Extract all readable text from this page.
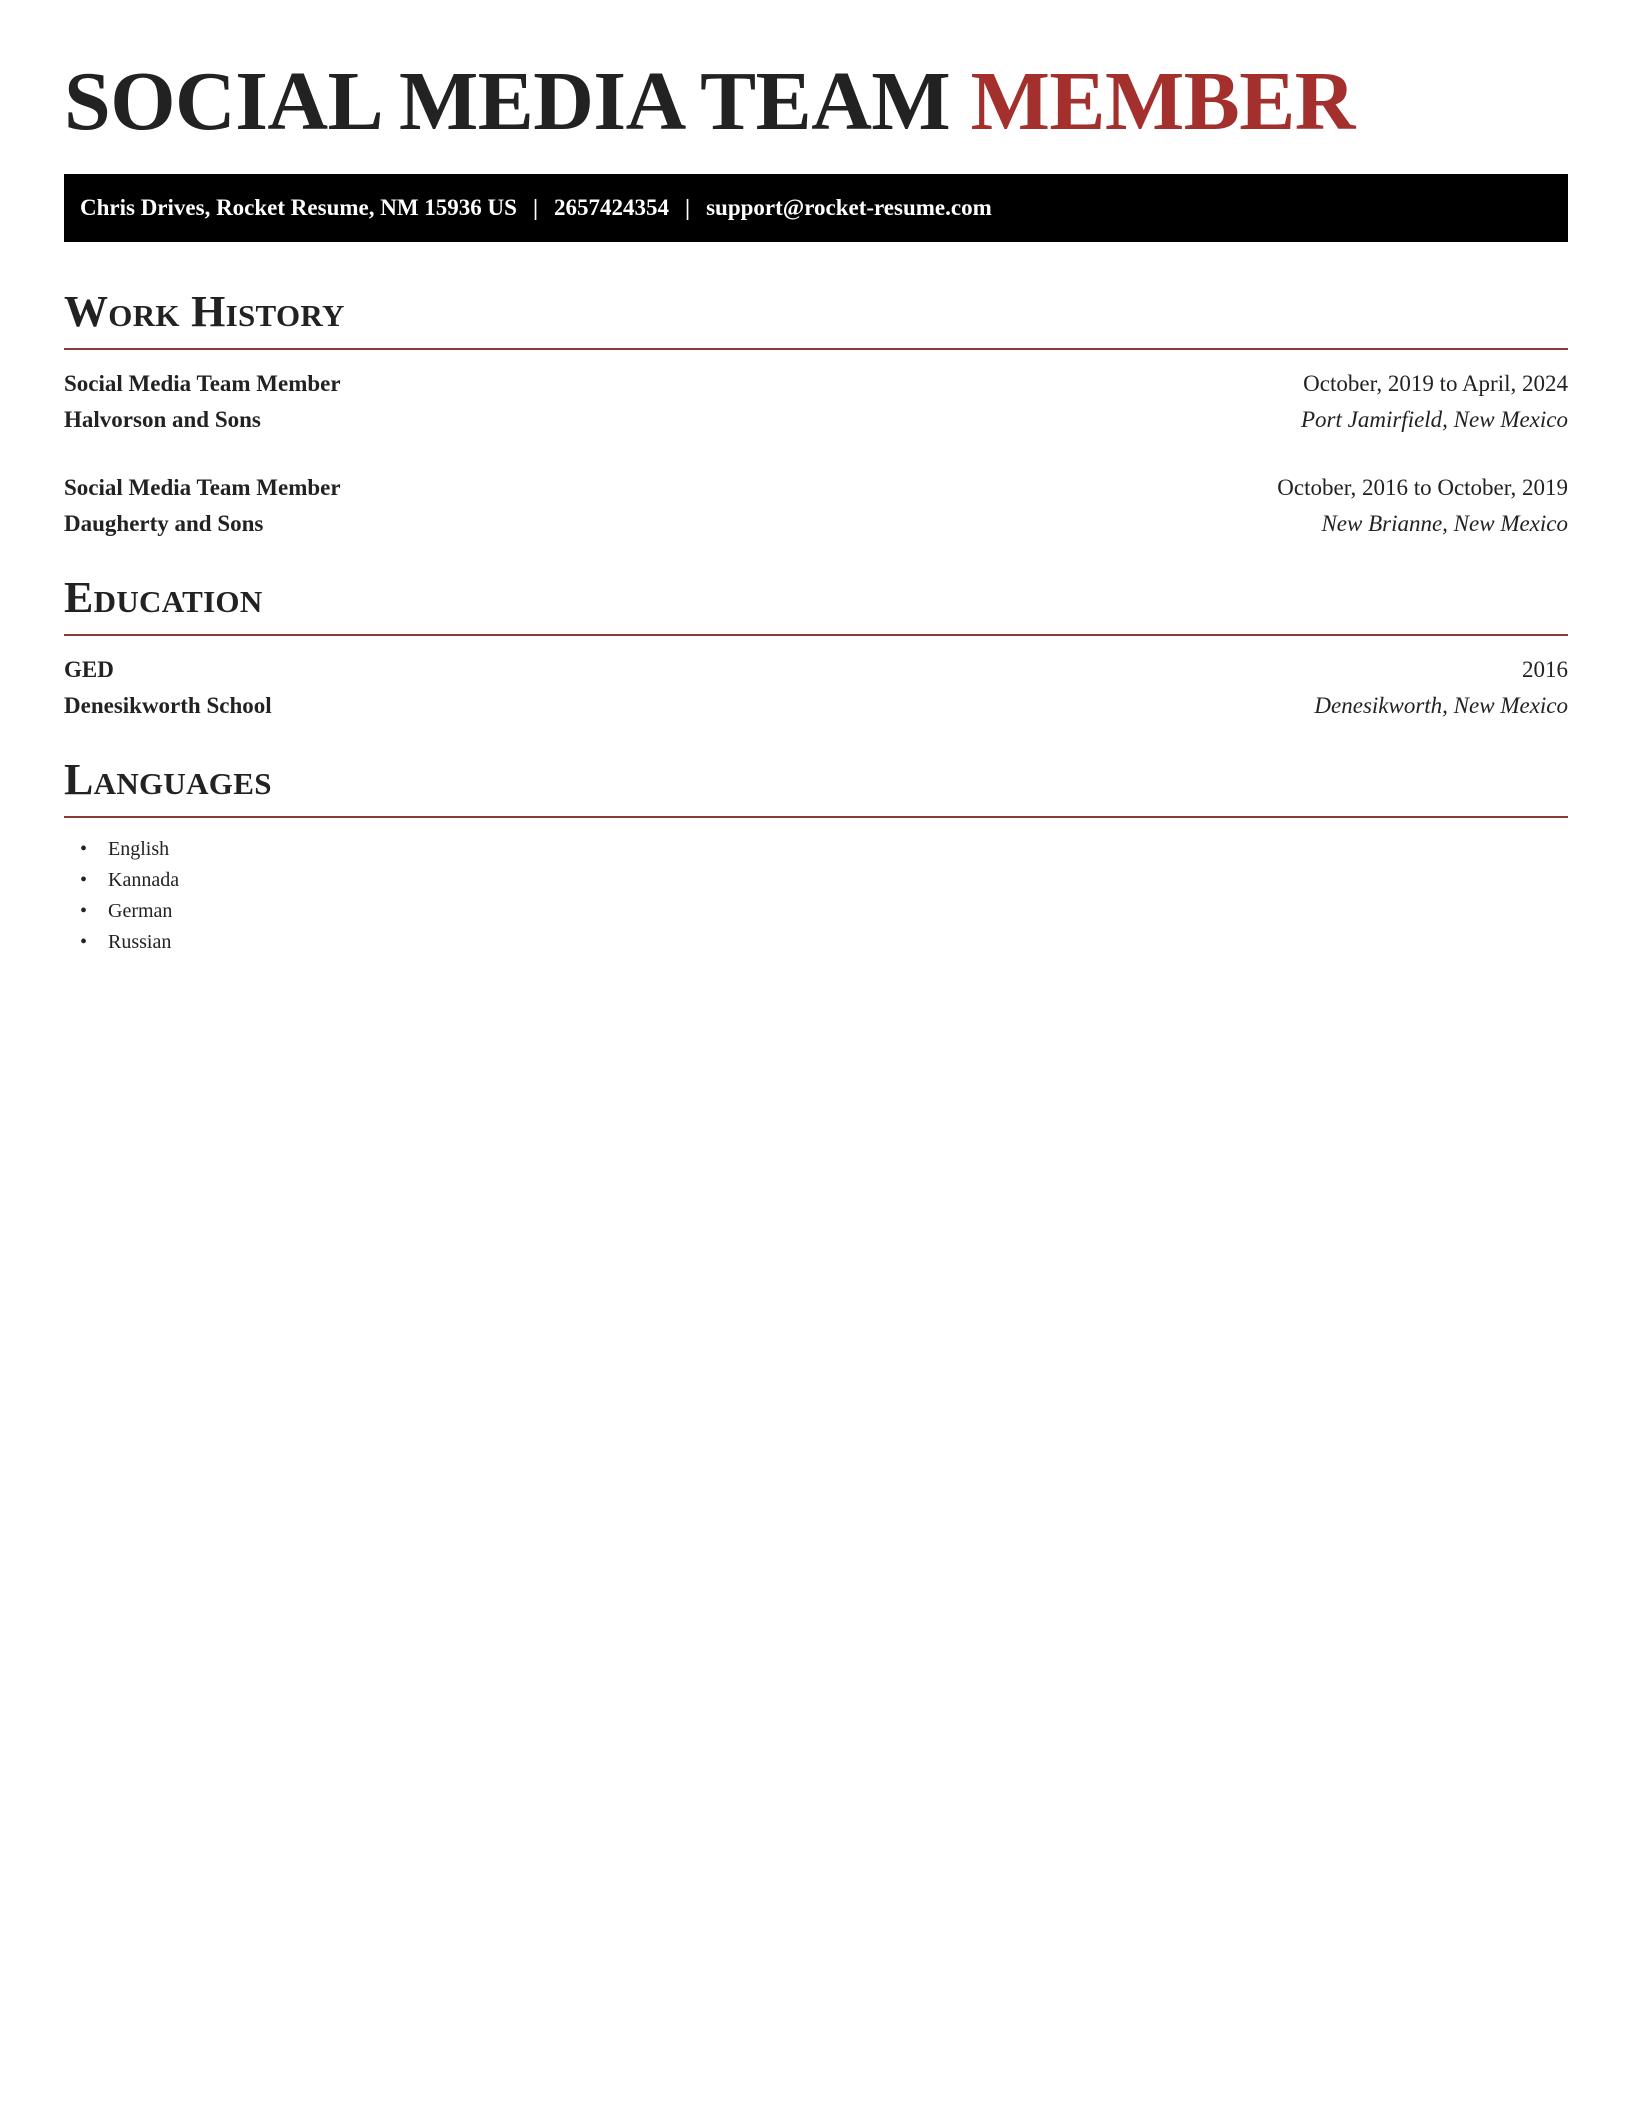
SOCIAL MEDIA TEAM MEMBER
Chris Drives, Rocket Resume, NM 15936 US | 2657424354 | support@rocket-resume.com
Work History
Social Media Team Member	October, 2019 to April, 2024
Halvorson and Sons	Port Jamirfield, New Mexico
Social Media Team Member	October, 2016 to October, 2019
Daugherty and Sons	New Brianne, New Mexico
Education
GED	2016
Denesikworth School	Denesikworth, New Mexico
Languages
• English
• Kannada
• German
• Russian
